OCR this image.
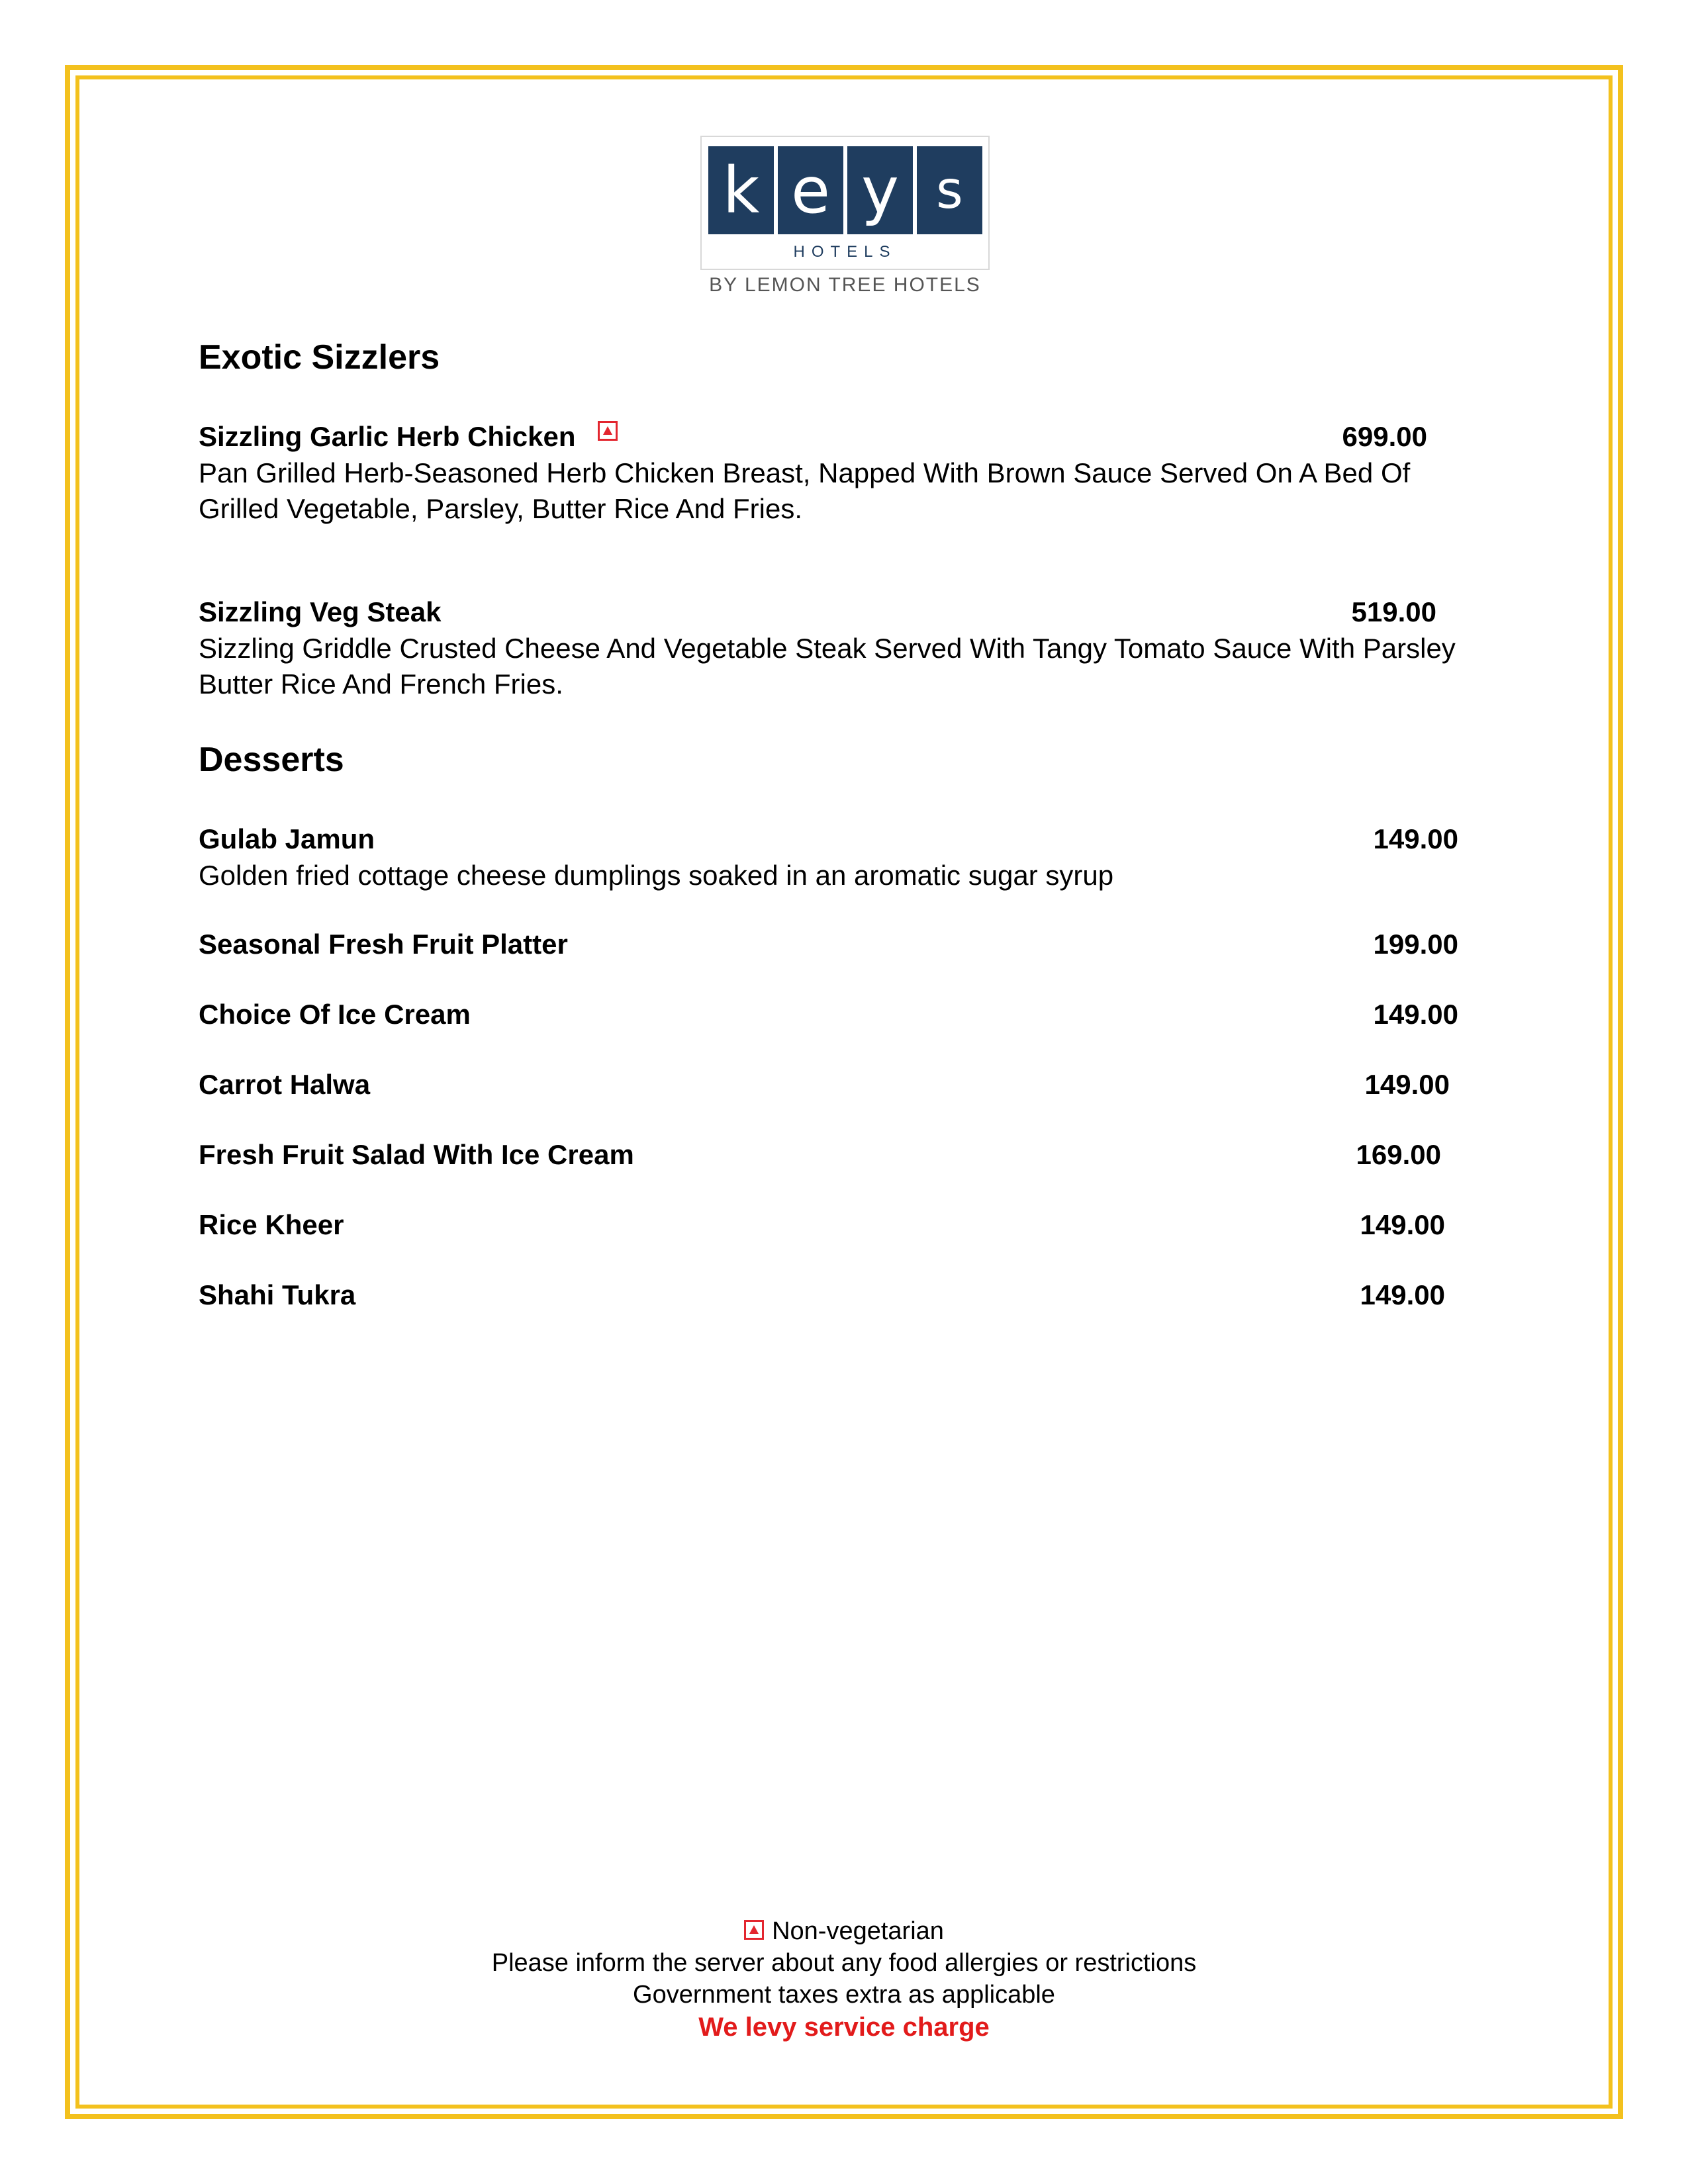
k e y s
HOTELS
BY LEMON TREE HOTELS
Exotic Sizzlers
Sizzling Garlic Herb Chicken	699.00
Pan Grilled Herb-Seasoned Herb Chicken Breast, Napped With Brown Sauce Served On A Bed Of
Grilled Vegetable, Parsley, Butter Rice And Fries.
Sizzling Veg Steak	519.00
Sizzling Griddle Crusted Cheese And Vegetable Steak Served With Tangy Tomato Sauce With Parsley
Butter Rice And French Fries.
Desserts
Gulab Jamun	149.00
Golden fried cottage cheese dumplings soaked in an aromatic sugar syrup
Seasonal Fresh Fruit Platter	199.00
Choice Of Ice Cream	149.00
Carrot Halwa	149.00
Fresh Fruit Salad With Ice Cream	169.00
Rice Kheer	149.00
Shahi Tukra	149.00
Non-vegetarian
Please inform the server about any food allergies or restrictions
Government taxes extra as applicable
We levy service charge
